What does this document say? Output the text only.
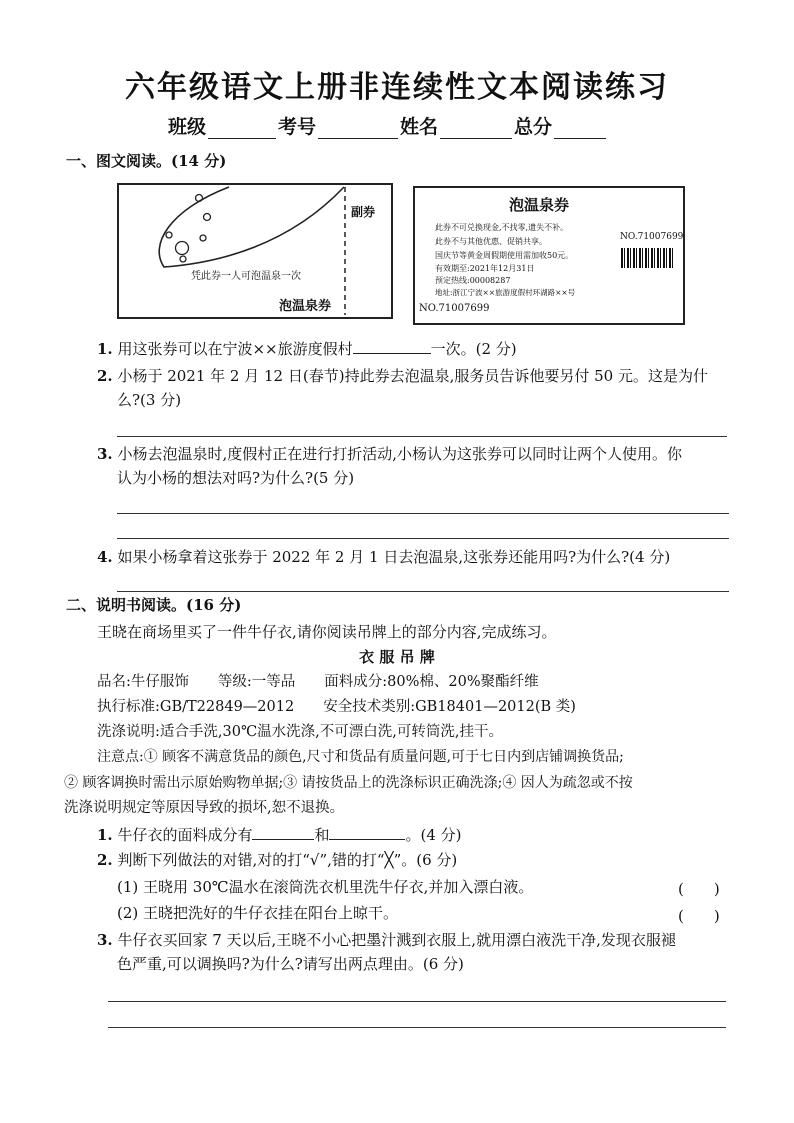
六年级语文上册非连续性文本阅读练习
班级	考号	姓名	总分
一、图文阅读。(14 分)
副券
凭此券一人可泡温泉一次
泡温泉券
泡温泉券
此券不可兑换现金,不找零,遗失不补。
此券不与其他优惠、促销共享。
国庆节等黄金周假期使用需加收50元。
有效期至:2021年12月31日
预定热线:00008287
地址:浙江宁波××旅游度假村环湖路××号
NO.71007699
NO.71007699
1. 用这张券可以在宁波××旅游度假村	一次。(2 分)
2. 小杨于 2021 年 2 月 12 日(春节)持此券去泡温泉,服务员告诉他要另付 50 元。这是为什
么?(3 分)
3. 小杨去泡温泉时,度假村正在进行打折活动,小杨认为这张券可以同时让两个人使用。你
认为小杨的想法对吗?为什么?(5 分)
4. 如果小杨拿着这张券于 2022 年 2 月 1 日去泡温泉,这张券还能用吗?为什么?(4 分)
二、说明书阅读。(16 分)
王晓在商场里买了一件牛仔衣,请你阅读吊牌上的部分内容,完成练习。
衣 服 吊 牌
品名:牛仔服饰　　等级:一等品　　面料成分:80%棉、20%聚酯纤维
执行标准:GB/T22849—2012　　安全技术类别:GB18401—2012(B 类)
洗涤说明:适合手洗,30℃温水洗涤,不可漂白洗,可转筒洗,挂干。
注意点:① 顾客不满意货品的颜色,尺寸和货品有质量问题,可于七日内到店铺调换货品;
② 顾客调换时需出示原始购物单据;③ 请按货品上的洗涤标识正确洗涤;④ 因人为疏忽或不按
洗涤说明规定等原因导致的损坏,恕不退换。
1. 牛仔衣的面料成分有	和	。(4 分)
2. 判断下列做法的对错,对的打“√”,错的打“╳”。(6 分)
(1) 王晓用 30℃温水在滚筒洗衣机里洗牛仔衣,并加入漂白液。	(　　)
(2) 王晓把洗好的牛仔衣挂在阳台上晾干。	(　　)
3. 牛仔衣买回家 7 天以后,王晓不小心把墨汁溅到衣服上,就用漂白液洗干净,发现衣服褪
色严重,可以调换吗?为什么?请写出两点理由。(6 分)
